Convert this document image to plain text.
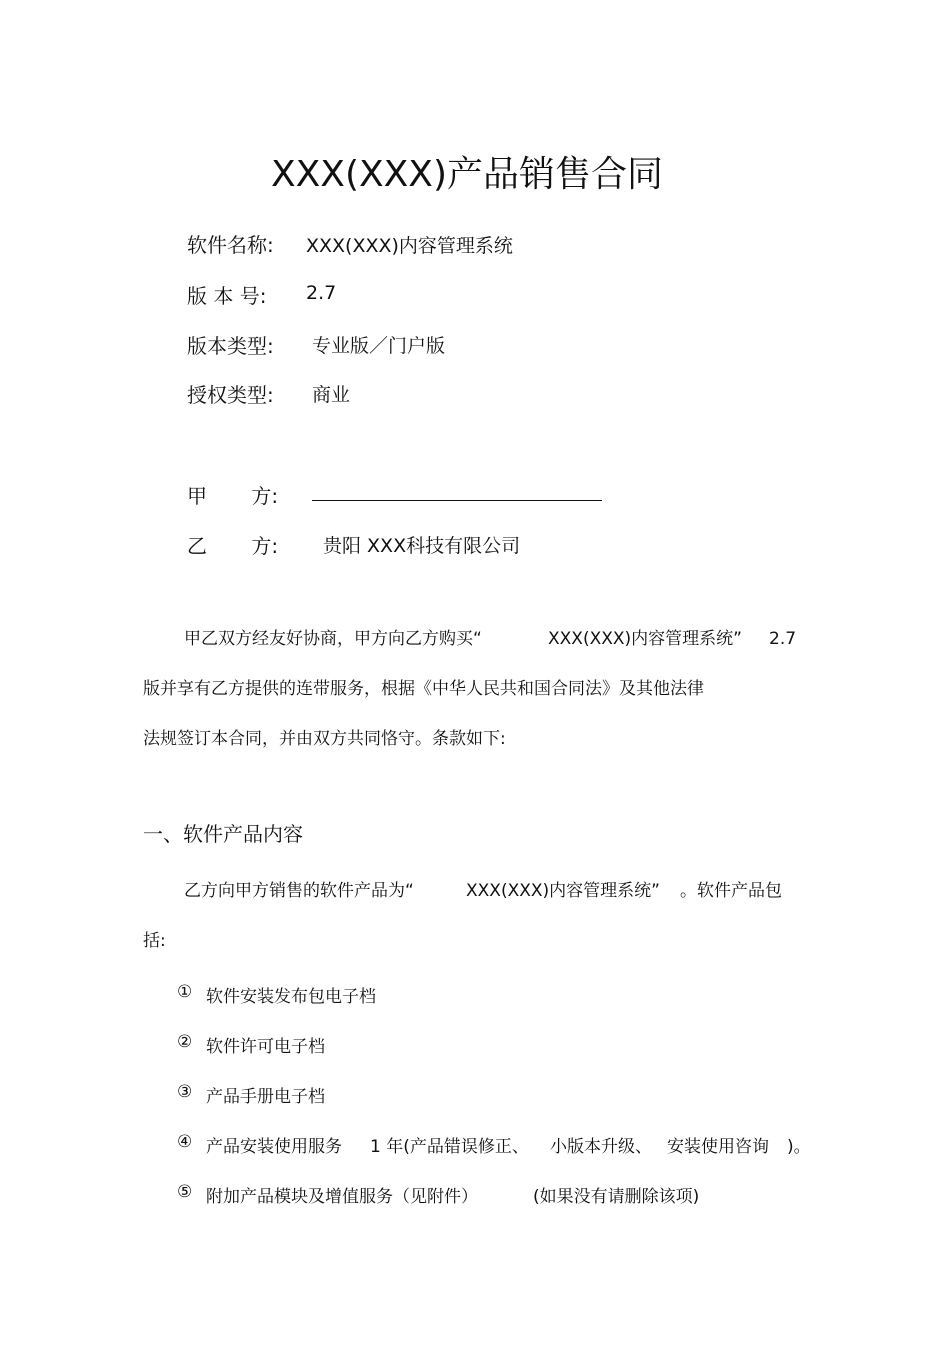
XXX(XXX)产品销售合同
软件名称: XXX(XXX)内容管理系统
版 本 号: 2.7
版本类型: 专业版／门户版
授权类型: 商业
甲 方:
乙 方: 贵阳 XXX科技有限公司
甲乙双方经友好协商，甲方向乙方购买“	XXX(XXX)内容管理系统” 2.7
版并享有乙方提供的连带服务，根据《中华人民共和国合同法》及其他法律
法规签订本合同，并由双方共同恪守。条款如下:
一、软件产品内容
乙方向甲方销售的软件产品为“	XXX(XXX)内容管理系统” 。软件产品包
括:
① 软件安装发布包电子档
② 软件许可电子档
③ 产品手册电子档
④ 产品安装使用服务 1 年(产品错误修正、 小版本升级、 安装使用咨询 )。
⑤ 附加产品模块及增值服务（见附件）	(如果没有请删除该项)
